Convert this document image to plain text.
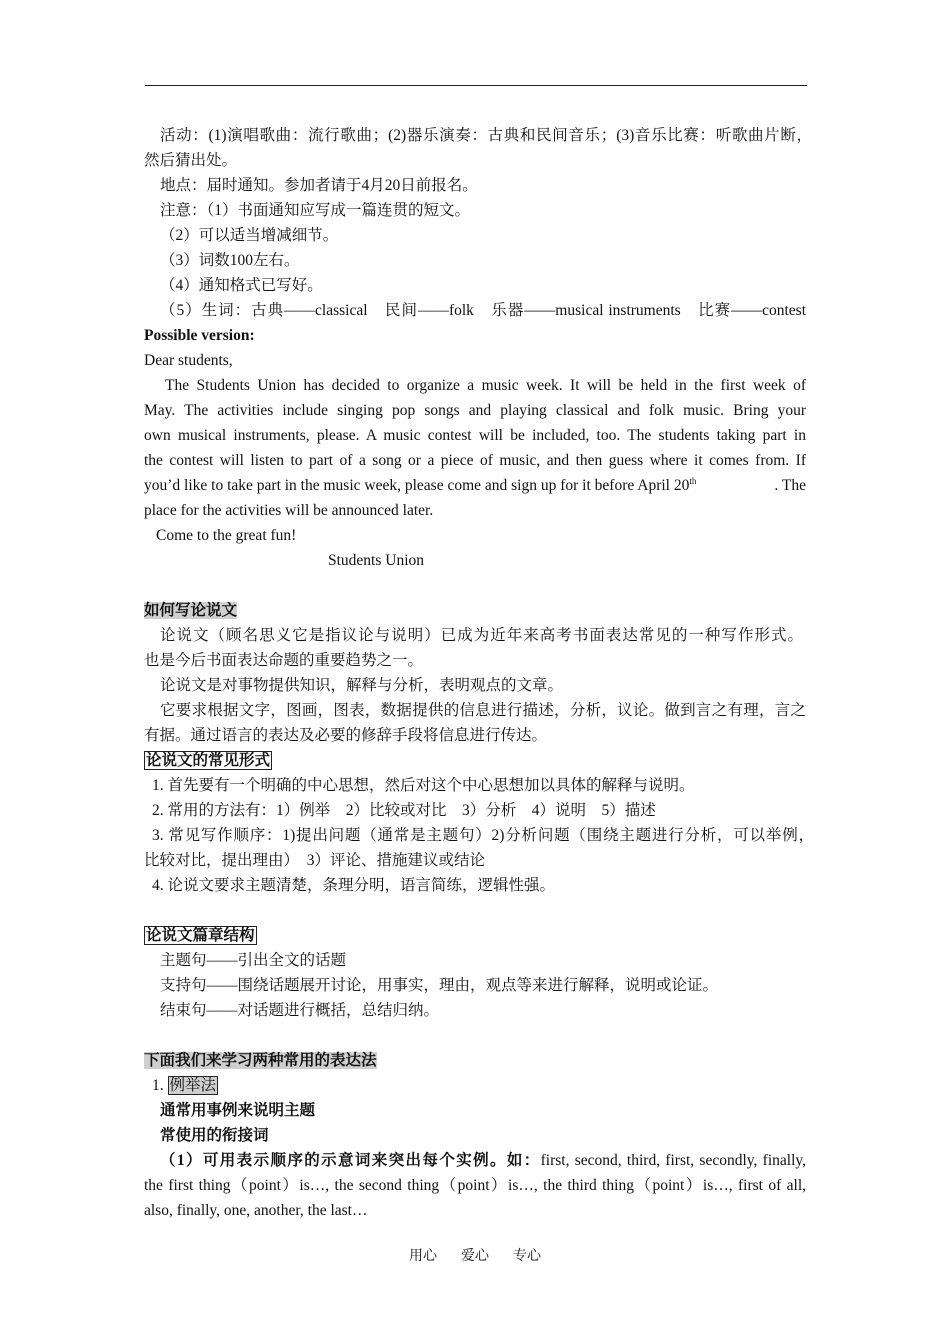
活动：(1)演唱歌曲：流行歌曲；(2)器乐演奏：古典和民间音乐；(3)音乐比赛：听歌曲片断，
然后猜出处。
地点：届时通知。参加者请于4月20日前报名。
注意：（1）书面通知应写成一篇连贯的短文。
（2）可以适当增减细节。
（3）词数100左右。
（4）通知格式已写好。
（5）生词：古典——classical　民间——folk　乐器——musical instruments　比赛——contest
Possible version:
Dear students,
The Students Union has decided to organize a music week. It will be held in the first week of
May. The activities include singing pop songs and playing classical and folk music. Bring your
own musical instruments, please. A music contest will be included, too. The students taking part in
the contest will listen to part of a song or a piece of music, and then guess where it comes from. If
you’d like to take part in the music week, please come and sign up for it before April 20th	. The
place for the activities will be announced later.
Come to the great fun!
Students Union
如何写论说文
论说文（顾名思义它是指议论与说明）已成为近年来高考书面表达常见的一种写作形式。
也是今后书面表达命题的重要趋势之一。
论说文是对事物提供知识，解释与分析，表明观点的文章。
它要求根据文字，图画，图表，数据提供的信息进行描述，分析，议论。做到言之有理，言之
有据。通过语言的表达及必要的修辞手段将信息进行传达。
论说文的常见形式
1. 首先要有一个明确的中心思想，然后对这个中心思想加以具体的解释与说明。
2. 常用的方法有：1）例举　2）比较或对比　3）分析　4）说明　5）描述
3. 常见写作顺序：1)提出问题（通常是主题句）2)分析问题（围绕主题进行分析，可以举例，
比较对比，提出理由）　3）评论、措施建议或结论
4. 论说文要求主题清楚，条理分明，语言简练，逻辑性强。
论说文篇章结构
主题句——引出全文的话题
支持句——围绕话题展开讨论，用事实，理由，观点等来进行解释，说明或论证。
结束句——对话题进行概括，总结归纳。
下面我们来学习两种常用的表达法
1. 例举法
通常用事例来说明主题
常使用的衔接词
（1）可用表示顺序的示意词来突出每个实例。如：first, second, third, first, secondly, finally,
the first thing（point）is…, the second thing（point）is…, the third thing（point）is…, first of all,
also, finally, one, another, the last…
用心 爱心 专心
